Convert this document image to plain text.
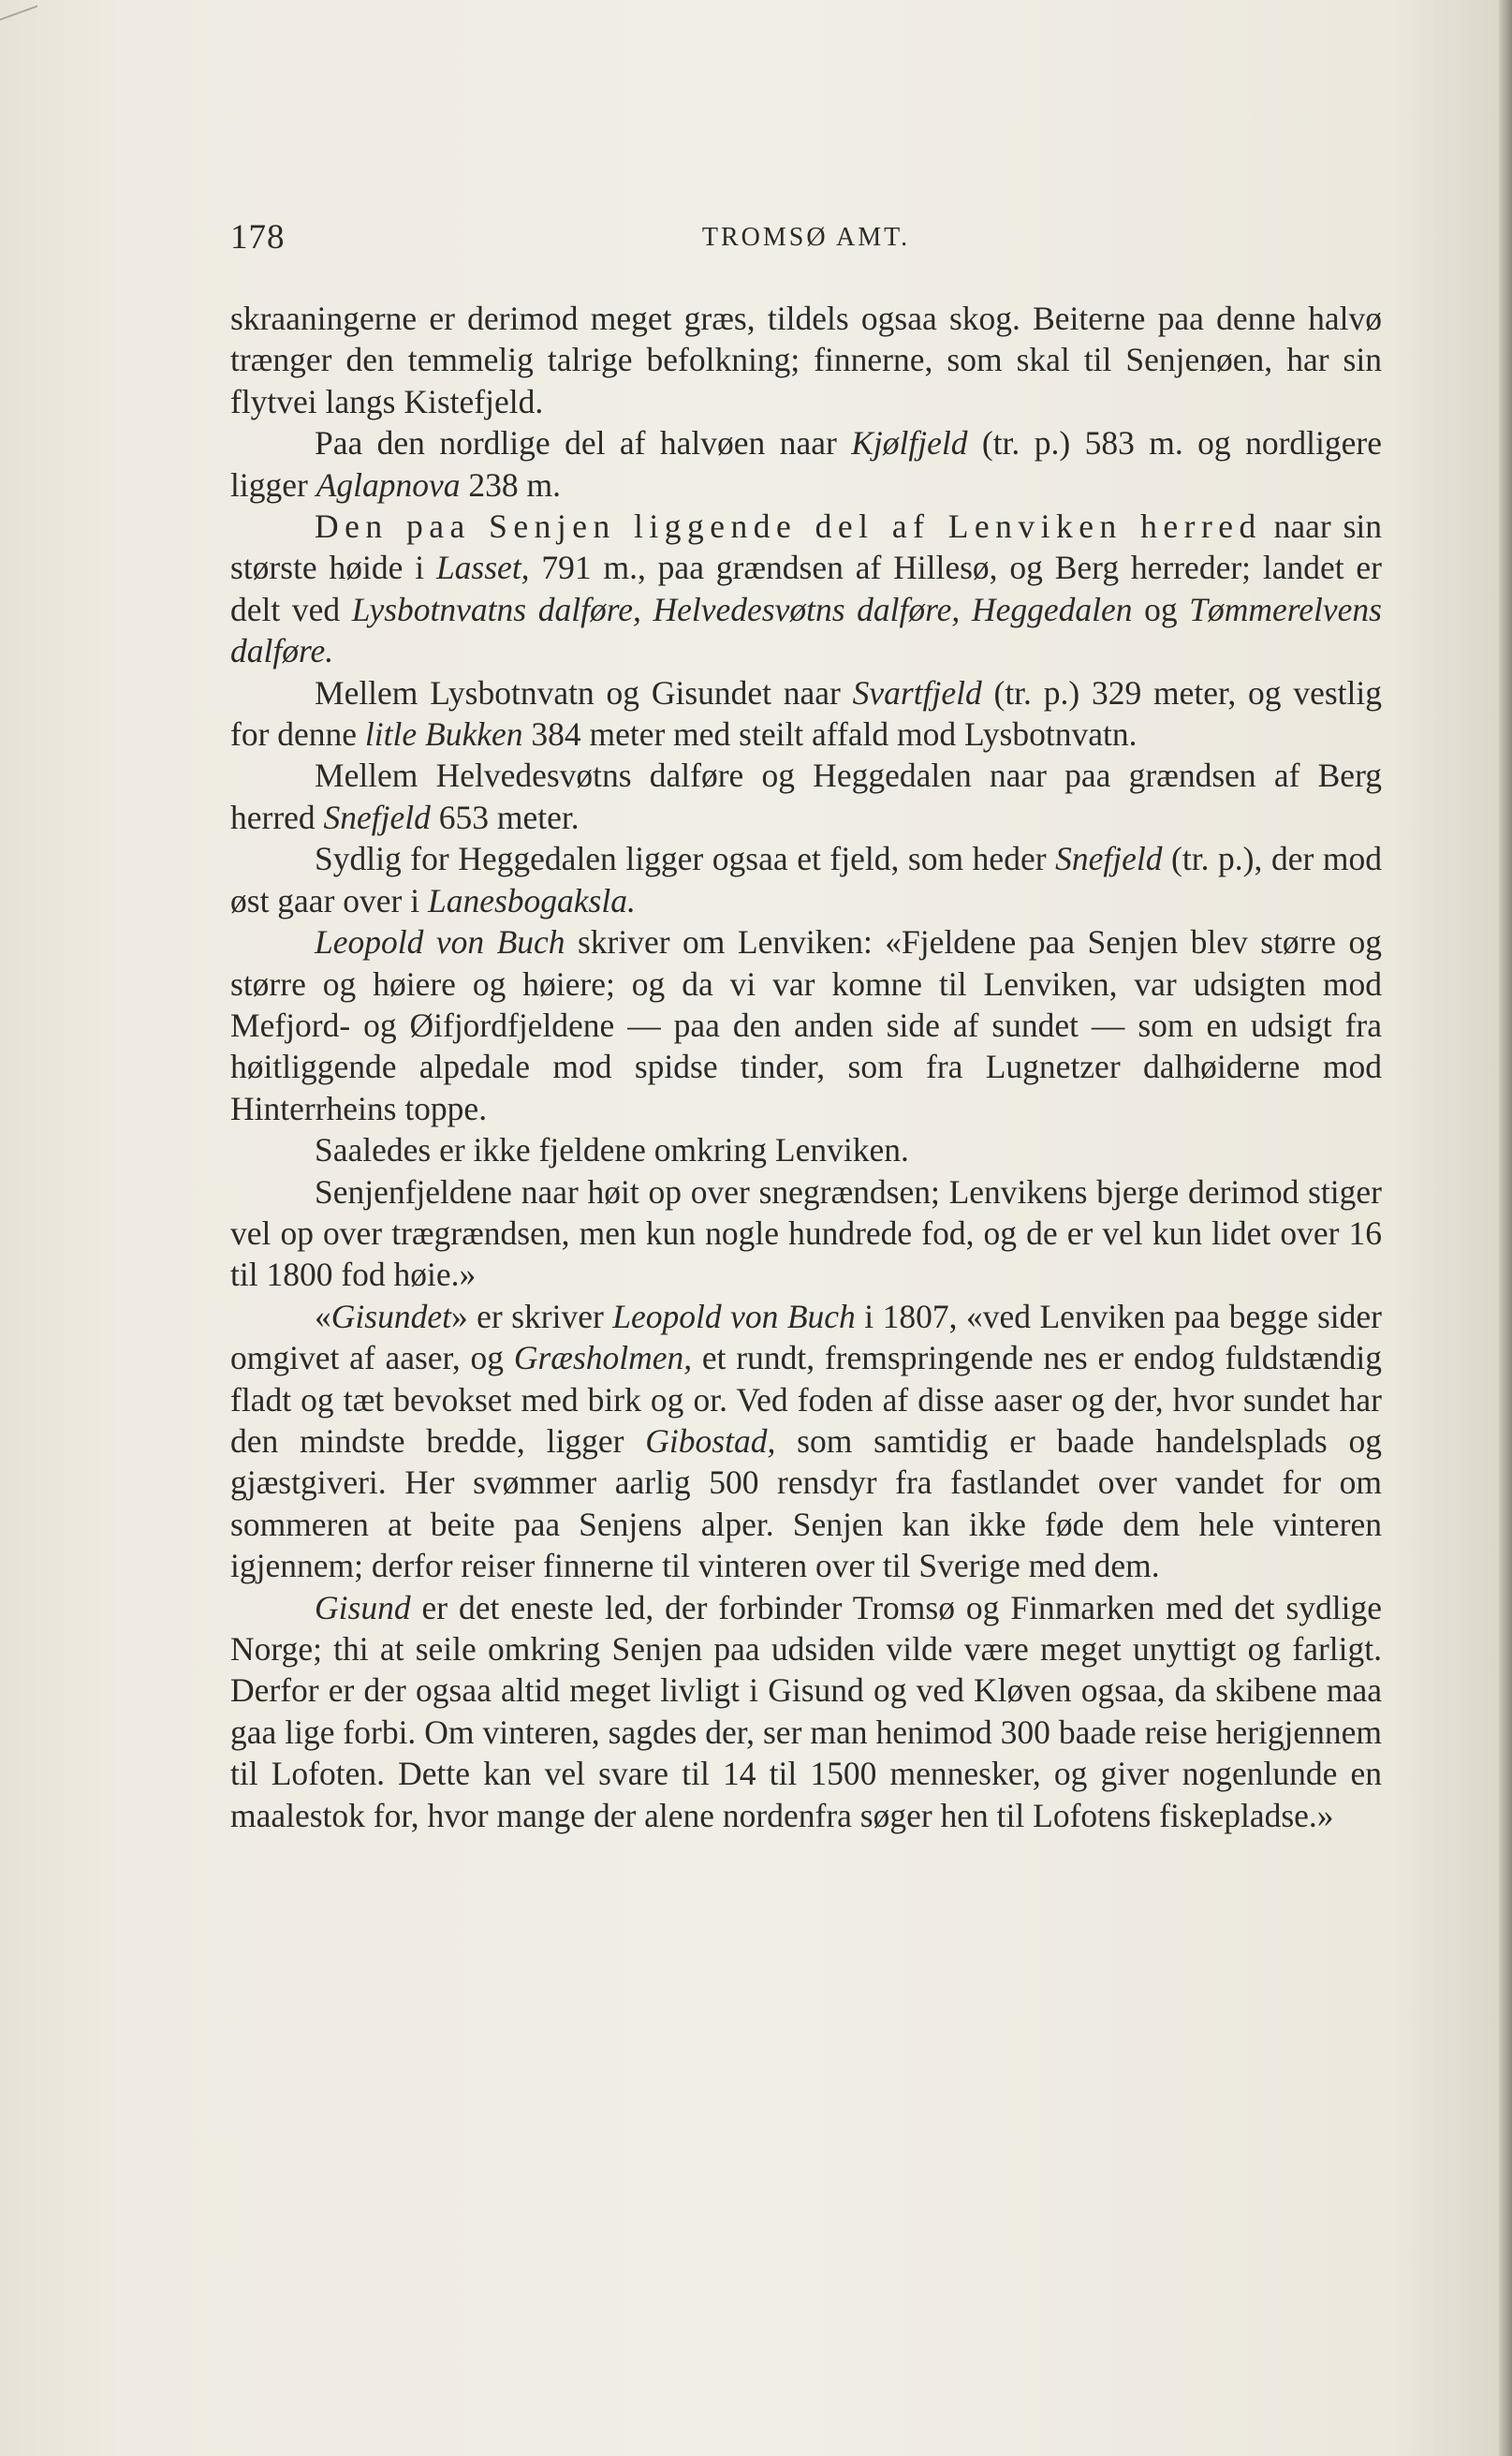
178	TROMSØ AMT.

skraaningerne er derimod meget græs, tildels ogsaa skog. Beiterne paa denne halvø trænger den temmelig talrige befolkning; finnerne, som skal til Senjenøen, har sin flytvei langs Kistefjeld.

Paa den nordlige del af halvøen naar Kjølfjeld (tr. p.) 583 m. og nordligere ligger Aglapnova 238 m.

Den paa Senjen liggende del af Lenviken herred naar sin største høide i Lasset, 791 m., paa grændsen af Hillesø, og Berg herreder; landet er delt ved Lysbotnvatns dalføre, Helvedesvøtns dalføre, Heggedalen og Tømmerelvens dalføre.

Mellem Lysbotnvatn og Gisundet naar Svartfjeld (tr. p.) 329 meter, og vestlig for denne litle Bukken 384 meter med steilt affald mod Lysbotnvatn.

Mellem Helvedesvøtns dalføre og Heggedalen naar paa grændsen af Berg herred Snefjeld 653 meter.

Sydlig for Heggedalen ligger ogsaa et fjeld, som heder Snefjeld (tr. p.), der mod øst gaar over i Lanesbogaksla.

Leopold von Buch skriver om Lenviken: «Fjeldene paa Senjen blev større og større og høiere og høiere; og da vi var komne til Lenviken, var udsigten mod Mefjord- og Øifjordfjeldene — paa den anden side af sundet — som en udsigt fra høitliggende alpedale mod spidse tinder, som fra Lugnetzer dalhøiderne mod Hinterrheins toppe.

Saaledes er ikke fjeldene omkring Lenviken.

Senjenfjeldene naar høit op over snegrændsen; Lenvikens bjerge derimod stiger vel op over trægrændsen, men kun nogle hundrede fod, og de er vel kun lidet over 16 til 1800 fod høie.»

«Gisundet» er skriver Leopold von Buch i 1807, «ved Lenviken paa begge sider omgivet af aaser, og Græsholmen, et rundt, fremspringende nes er endog fuldstændig fladt og tæt bevokset med birk og or. Ved foden af disse aaser og der, hvor sundet har den mindste bredde, ligger Gibostad, som samtidig er baade handelsplads og gjæstgiveri. Her svømmer aarlig 500 rensdyr fra fastlandet over vandet for om sommeren at beite paa Senjens alper. Senjen kan ikke føde dem hele vinteren igjennem; derfor reiser finnerne til vinteren over til Sverige med dem.

Gisund er det eneste led, der forbinder Tromsø og Finmarken med det sydlige Norge; thi at seile omkring Senjen paa udsiden vilde være meget unyttigt og farligt. Derfor er der ogsaa altid meget livligt i Gisund og ved Kløven ogsaa, da skibene maa gaa lige forbi. Om vinteren, sagdes der, ser man henimod 300 baade reise herigjennem til Lofoten. Dette kan vel svare til 14 til 1500 mennesker, og giver nogenlunde en maalestok for, hvor mange der alene nordenfra søger hen til Lofotens fiskepladse.»
